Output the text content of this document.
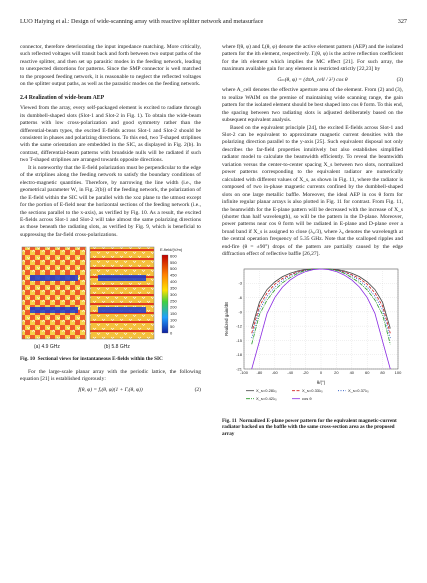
LUO Haiying et al.: Design of wide-scanning array with reactive splitter network and metasurface	327

connector, therefore deteriorating the input impedance matching. More critically, such reflected voltages will transit back and forth between two output paths of the reactive splitter, and then set up parasitic modes in the feeding network, leading to unexpected distortions for patterns. Since the SMP connector is well matched to the proposed feeding network, it is reasonable to neglect the reflected voltages on the splitter output paths, as well as the parasitic modes on the feeding network.

2.4 Realization of wide-beam AEP

Viewed from the array, every self-packaged element is excited to radiate through its dumbbell-shaped slots (Slot-1 and Slot-2 in Fig. 1). To obtain the wide-beam patterns with low cross-polarization and good symmetry rather than the differential-beam types, the excited E-fields across Slot-1 and Slot-2 should be consistent in phases and polarizing directions. To this end, two T-shaped striplines with the same orientation are embedded in the SIC, as displayed in Fig. 2(b). In contrast, differential-beam patterns with broadside nulls will be radiated if such two T-shaped striplines are arranged towards opposite directions.

It is noteworthy that the E-field polarization must be perpendicular to the edge of the striplines along the feeding network to satisfy the boundary conditions of electro-magnetic quantities. Therefore, by narrowing the line width (i.e., the geometrical parameter W₁ in Fig. 2(b)) of the feeding network, the polarization of the E-field within the SIC will be parallel with the xoz plane to the utmost except for the portion of E-field near the horizontal sections of the feeding network (i.e., the sections parallel to the x-axis), as verified by Fig. 10. As a result, the excited E-fields across Slot-1 and Slot-2 will take almost the same polarizing directions as those beneath the radiating slots, as verified by Fig. 9, which is beneficial to suppressing the far-field cross-polarizations.

E-field/(V/m)
600
550
500
450
400
350
300
250
200
150
100
50
0
(a) 4.9 GHz	(b) 5.8 GHz
Fig. 10 Sectional views for instantaneous E-fields within the SIC

For the large-scale planar array with the periodic lattice, the following equation [21] is established rigorously:

f(θ, φ) = fₑ(θ, φ)(1 + Γᵢ(θ, φ))	(2)

where f(θ, φ) and fₑ(θ, φ) denote the active element pattern (AEP) and the isolated pattern for the ith element, respectively. Γᵢ(θ, φ) is the active reflection coefficient for the ith element which implies the MC effect [21]. For such array, the maximum available gain for any element is restricted strictly [22,23] by

Gₘ(θ, φ) = (4πA_cell / λ²) cos θ	(3)

where A_cell denotes the effective aperture area of the element. From (2) and (3), to realize WAIM on the premise of maintaining wide scanning range, the gain pattern for the isolated element should be best shaped into cos θ form. To this end, the spacing between two radiating slots is adjusted deliberately based on the subsequent equivalent analysis.

Based on the equivalent principle [24], the excited E-fields across Slot-1 and Slot-2 can be equivalent to approximate magnetic current densities with the polarizing direction parallel to the y-axis [25]. Such equivalent disposal not only describes the far-field properties intuitively but also establishes simplified radiator model to calculate the beamwidth efficiently. To reveal the beamwidth variation versus the center-to-center spacing X_s between two slots, normalized power patterns corresponding to the equivalent radiator are numerically calculated with different values of X_s, as shown in Fig. 11, where the radiator is composed of two in-phase magnetic currents confined by the dumbbell-shaped slots on one large metallic baffle. Moreover, the ideal AEP in cos θ form for infinite regular planar arrays is also plotted in Fig. 11 for contrast. From Fig. 11, the beamwidth for the E-plane pattern will be decreased with the increase of X_s (shorter than half wavelength), so will be the pattern in the D-plane. Moreover, power patterns near cos θ form will be radiated in E-plane and D-plane over a broad band if X_s is assigned to close (λ₀/3), where λ₀ denotes the wavelength at the central operation frequency of 5.35 GHz. Note that the scalloped ripples and end-fire (θ = ±90°) drops of the pattern are partially caused by the edge diffraction effect of reflective baffle [26,27].

-100 -80 -60 -40 -20	0	20	40	60	80 100
-3
-6
-9
-12
-15
-18
-21
θ/(°)
Realized gain/dB
X_s=0.28λ₀	X_s=0.33λ₀	X_s=0.37λ₀
X_s=0.42λ₀	cos θ
Fig. 11 Normalized E-plane power pattern for the equivalent magnetic-current radiator backed on the baffle with the same cross-section area as the proposed array
